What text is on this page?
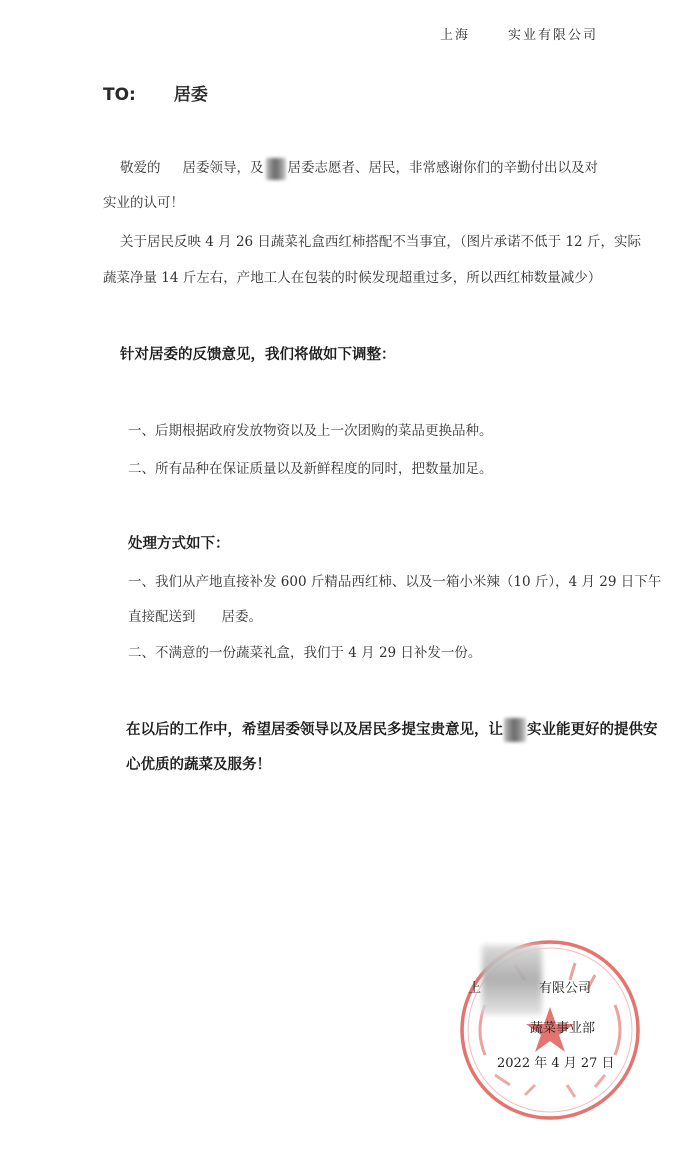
上海	实业有限公司
TO: 居委
敬爱的 居委领导，及 居委志愿者、居民，非常感谢你们的辛勤付出以及对
实业的认可！
关于居民反映 4 月 26 日蔬菜礼盒西红柿搭配不当事宜，（图片承诺不低于 12 斤，实际
蔬菜净量 14 斤左右，产地工人在包装的时候发现超重过多，所以西红柿数量减少）
针对居委的反馈意见，我们将做如下调整：
一、后期根据政府发放物资以及上一次团购的菜品更换品种。
二、所有品种在保证质量以及新鲜程度的同时，把数量加足。
处理方式如下：
一、我们从产地直接补发 600 斤精品西红柿、以及一箱小米辣（10 斤），4 月 29 日下午
直接配送到 居委。
二、不满意的一份蔬菜礼盒，我们于 4 月 29 日补发一份。
在以后的工作中，希望居委领导以及居民多提宝贵意见，让 实业能更好的提供安
心优质的蔬菜及服务！
上	有限公司
蔬菜事业部
2022 年 4 月 27 日
